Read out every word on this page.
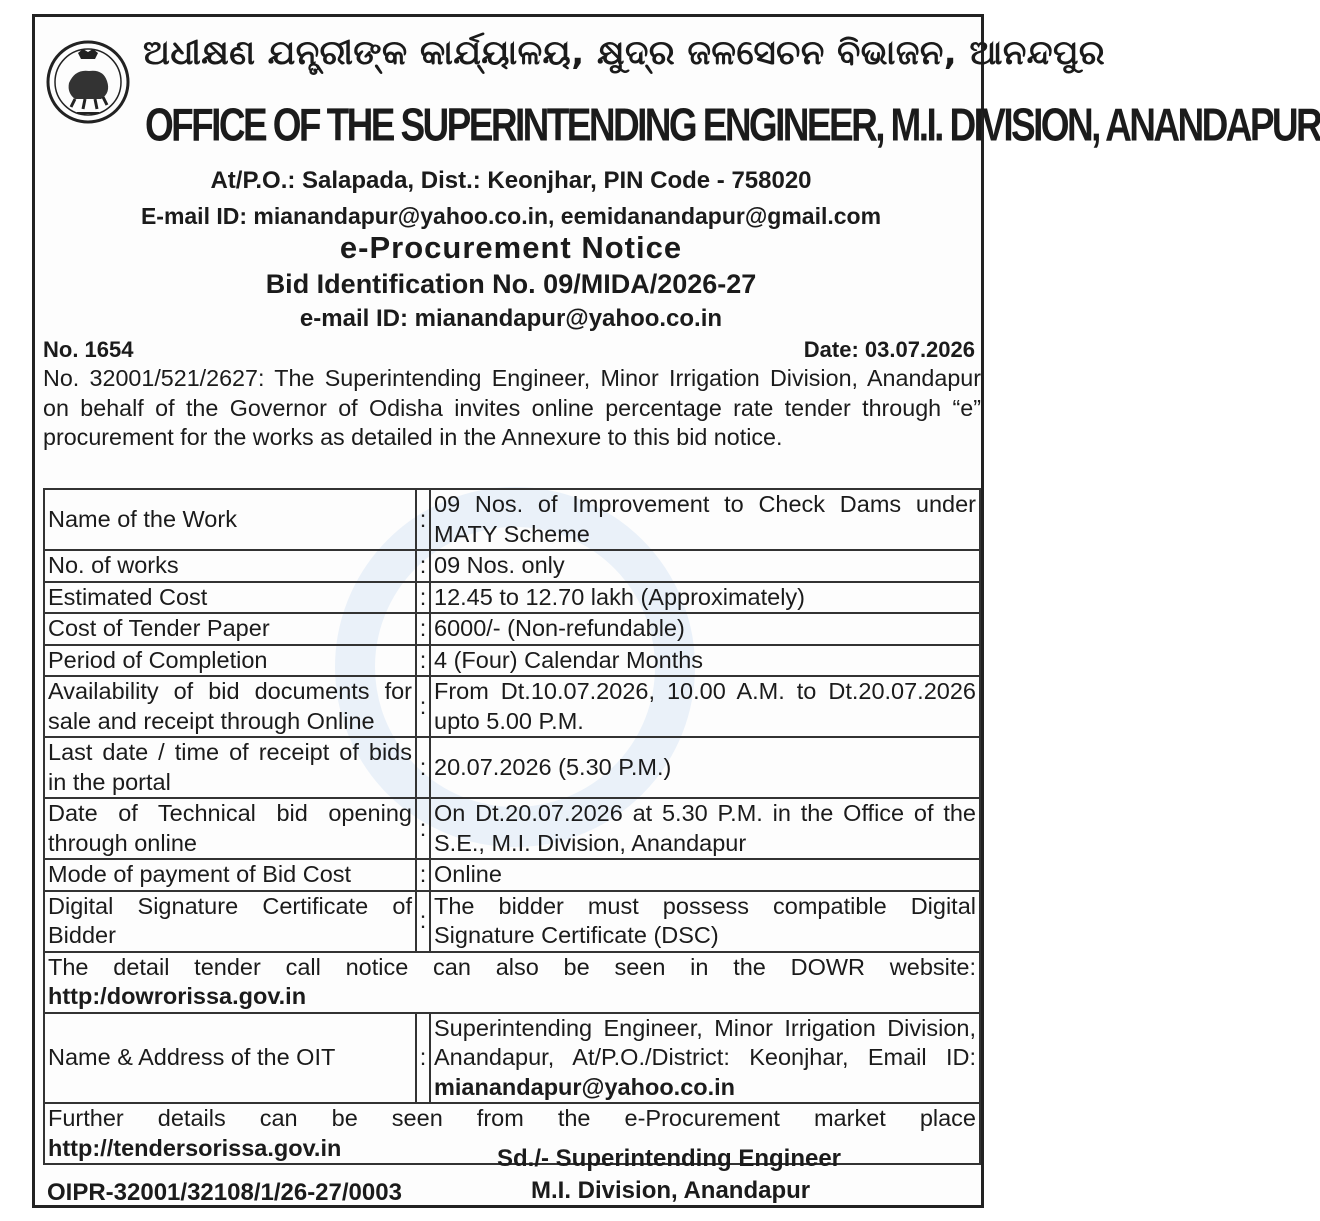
ଅଧୀକ୍ଷଣ ଯନ୍ତ୍ରୀଙ୍କ କାର୍ଯ୍ୟାଳୟ, କ୍ଷୁଦ୍ର ଜଳସେଚନ ବିଭାଜନ, ଆନନ୍ଦପୁର
OFFICE OF THE SUPERINTENDING ENGINEER, M.I. DIVISION, ANANDAPUR
At/P.O.: Salapada, Dist.: Keonjhar, PIN Code - 758020
E-mail ID: mianandapur@yahoo.co.in, eemidanandapur@gmail.com
e-Procurement Notice
Bid Identification No. 09/MIDA/2026-27
e-mail ID: mianandapur@yahoo.co.in
No. 1654	Date: 03.07.2026
No. 32001/521/2627: The Superintending Engineer, Minor Irrigation Division, Anandapur on behalf of the Governor of Odisha invites online percentage rate tender through “e” procurement for the works as detailed in the Annexure to this bid notice.
Name of the Work	:	09 Nos. of Improvement to Check Dams under MATY Scheme
No. of works	:	09 Nos. only
Estimated Cost	:	12.45 to 12.70 lakh (Approximately)
Cost of Tender Paper	:	6000/- (Non-refundable)
Period of Completion	:	4 (Four) Calendar Months
Availability of bid documents for sale and receipt through Online	:	From Dt.10.07.2026, 10.00 A.M. to Dt.20.07.2026 upto 5.00 P.M.
Last date / time of receipt of bids in the portal	:	20.07.2026 (5.30 P.M.)
Date of Technical bid opening through online	:	On Dt.20.07.2026 at 5.30 P.M. in the Office of the S.E., M.I. Division, Anandapur
Mode of payment of Bid Cost	:	Online
Digital Signature Certificate of Bidder	:	The bidder must possess compatible Digital Signature Certificate (DSC)
The detail tender call notice can also be seen in the DOWR website: http:/dowrorissa.gov.in		
Name & Address of the OIT	:	Superintending Engineer, Minor Irrigation Division, Anandapur, At/P.O./District: Keonjhar, Email ID: mianandapur@yahoo.co.in
Further details can be seen from the e-Procurement market place http://tendersorissa.gov.in			Sd./- Superintending Engineer
OIPR-32001/32108/1/26-27/0003	M.I. Division, Anandapur
